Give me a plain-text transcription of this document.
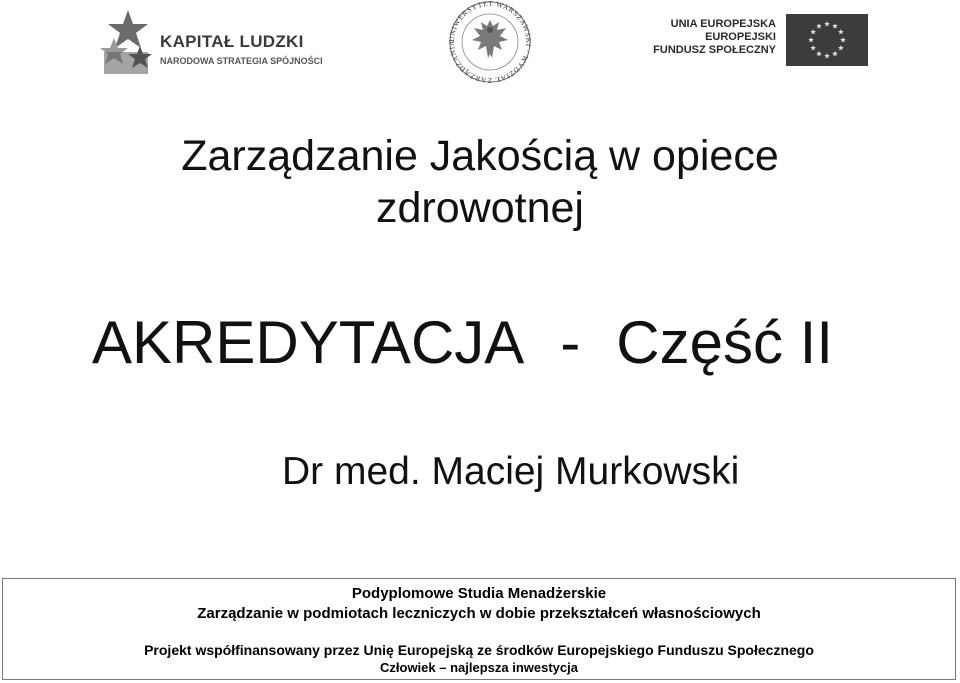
KAPITAŁ LUDZKI
NARODOWA STRATEGIA SPÓJNOŚCI
UNIWERSYTET WARSZAWSKI · WYDZIAŁ ZARZĄDZANIA
UNIA EUROPEJSKA
EUROPEJSKI
FUNDUSZ SPOŁECZNY
Zarządzanie Jakością w opiece
zdrowotnej
AKREDYTACJA - Część II
Dr med. Maciej Murkowski
Podyplomowe Studia Menadżerskie
Zarządzanie w podmiotach leczniczych w dobie przekształceń własnościowych
Projekt współfinansowany przez Unię Europejską ze środków Europejskiego Funduszu Społecznego
Człowiek – najlepsza inwestycja
